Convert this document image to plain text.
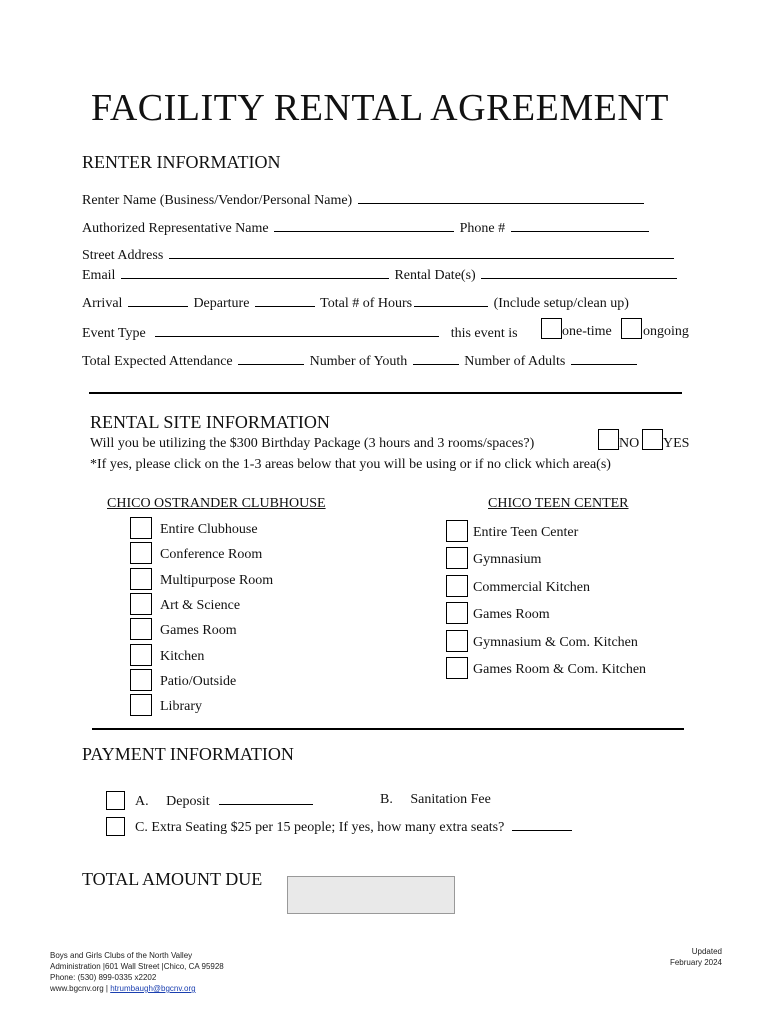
FACILITY RENTAL AGREEMENT
RENTER INFORMATION
Renter Name (Business/Vendor/Personal Name)
Authorized Representative Name	Phone #
Street Address
Email	Rental Date(s)
Arrival	Departure	Total # of Hours	(Include setup/clean up)
Event Type	this event is	one-time ongoing
Total Expected Attendance	Number of Youth	Number of Adults
RENTAL SITE INFORMATION
Will you be utilizing the $300 Birthday Package (3 hours and 3 rooms/spaces?)	NO YES
*If yes, please click on the 1-3 areas below that you will be using or if no click which area(s)
CHICO OSTRANDER CLUBHOUSE	CHICO TEEN CENTER
Entire Clubhouse
Conference Room
Multipurpose Room
Art & Science
Games Room
Kitchen
Patio/Outside
Library
Entire Teen Center
Gymnasium
Commercial Kitchen
Games Room
Gymnasium & Com. Kitchen
Games Room & Com. Kitchen
PAYMENT INFORMATION
A. Deposit	B. Sanitation Fee
C. Extra Seating $25 per 15 people; If yes, how many extra seats?
TOTAL AMOUNT DUE
Boys and Girls Clubs of the North Valley
Administration |601 Wall Street |Chico, CA 95928
Phone: (530) 899-0335 x2202
www.bgcnv.org | htrumbaugh@bgcnv.org
Updated
February 2024
